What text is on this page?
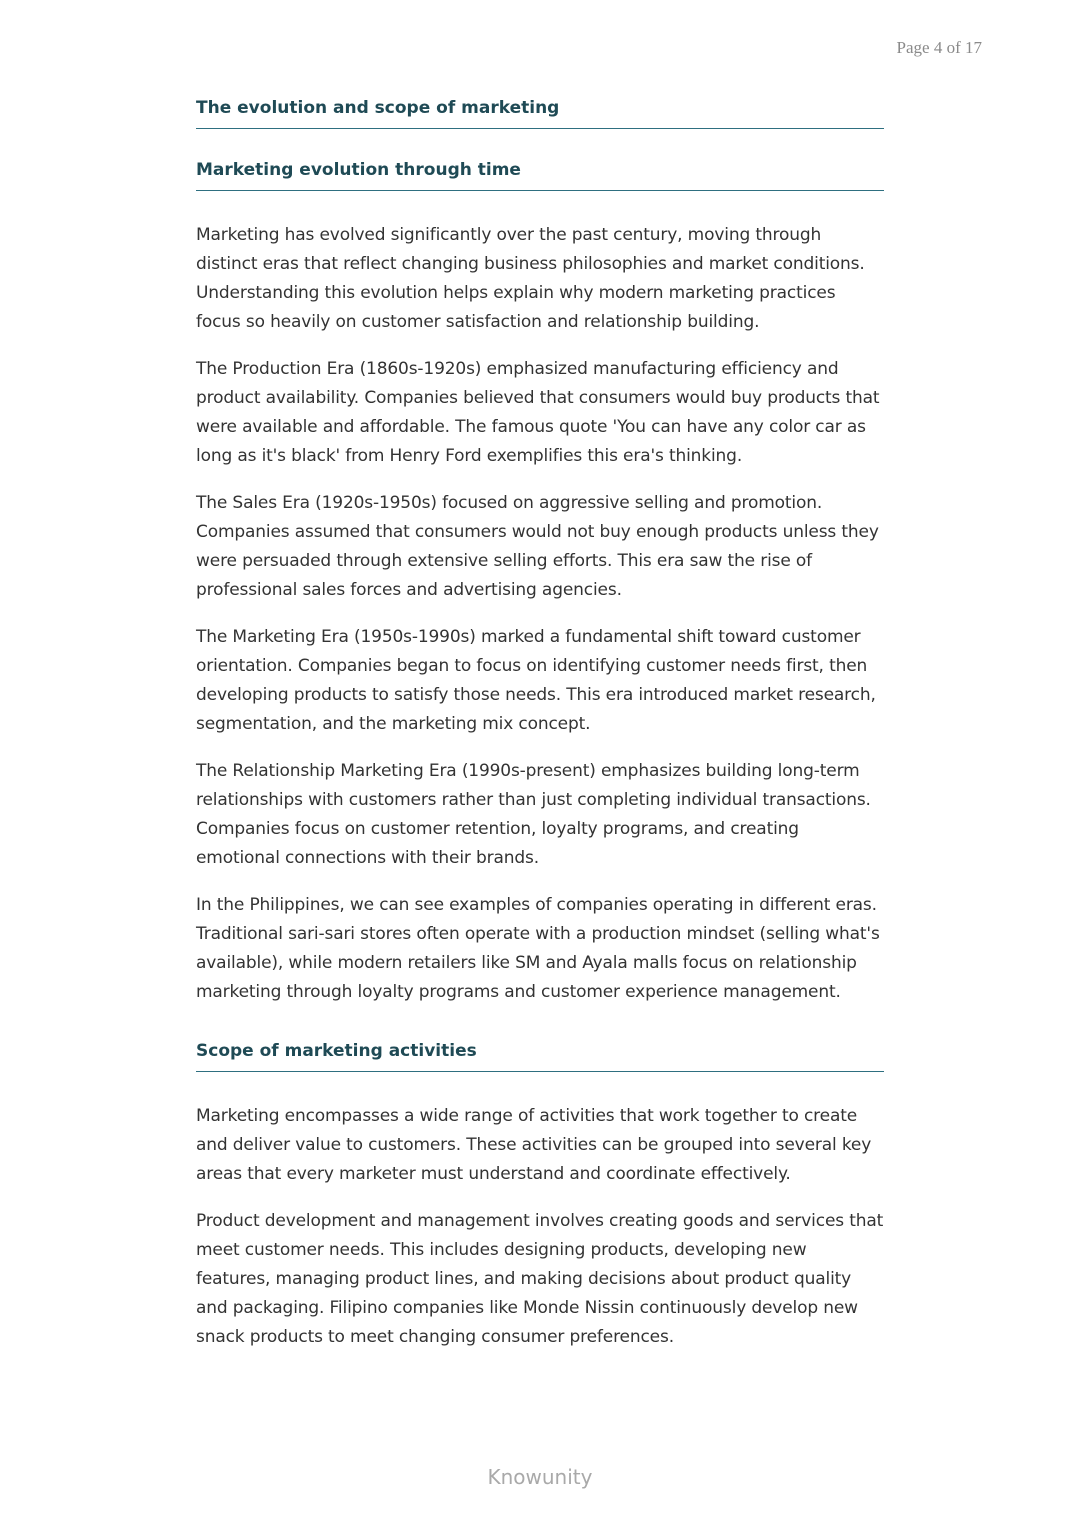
Page 4 of 17
The evolution and scope of marketing
Marketing evolution through time

Marketing has evolved significantly over the past century, moving through distinct eras that reflect changing business philosophies and market conditions. Understanding this evolution helps explain why modern marketing practices focus so heavily on customer satisfaction and relationship building.

The Production Era (1860s-1920s) emphasized manufacturing efficiency and product availability. Companies believed that consumers would buy products that were available and affordable. The famous quote 'You can have any color car as long as it's black' from Henry Ford exemplifies this era's thinking.

The Sales Era (1920s-1950s) focused on aggressive selling and promotion. Companies assumed that consumers would not buy enough products unless they were persuaded through extensive selling efforts. This era saw the rise of professional sales forces and advertising agencies.

The Marketing Era (1950s-1990s) marked a fundamental shift toward customer orientation. Companies began to focus on identifying customer needs first, then developing products to satisfy those needs. This era introduced market research, segmentation, and the marketing mix concept.

The Relationship Marketing Era (1990s-present) emphasizes building long-term relationships with customers rather than just completing individual transactions. Companies focus on customer retention, loyalty programs, and creating emotional connections with their brands.

In the Philippines, we can see examples of companies operating in different eras. Traditional sari-sari stores often operate with a production mindset (selling what's available), while modern retailers like SM and Ayala malls focus on relationship marketing through loyalty programs and customer experience management.

Scope of marketing activities

Marketing encompasses a wide range of activities that work together to create and deliver value to customers. These activities can be grouped into several key areas that every marketer must understand and coordinate effectively.

Product development and management involves creating goods and services that meet customer needs. This includes designing products, developing new features, managing product lines, and making decisions about product quality and packaging. Filipino companies like Monde Nissin continuously develop new snack products to meet changing consumer preferences.

Knowunity
